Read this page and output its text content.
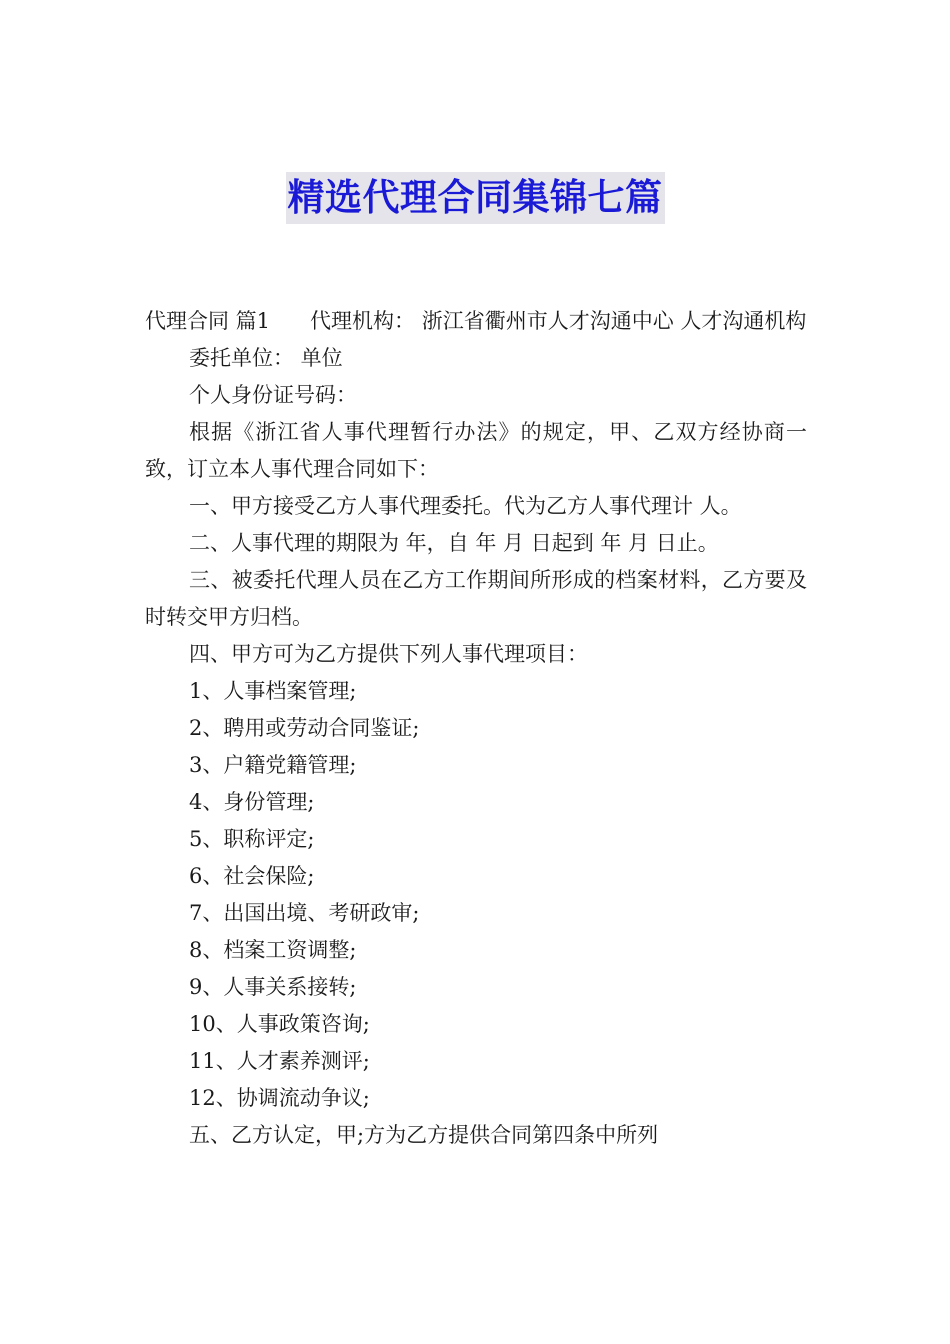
精选代理合同集锦七篇

代理合同 篇1 代理机构： 浙江省衢州市人才沟通中心 人才沟通机构

委托单位： 单位

个人身份证号码：

根据《浙江省人事代理暂行办法》的规定，甲、乙双方经协商一致，订立本人事代理合同如下：

一、甲方接受乙方人事代理委托。代为乙方人事代理计 人。

二、人事代理的期限为 年，自 年 月 日起到 年 月 日止。

三、被委托代理人员在乙方工作期间所形成的档案材料，乙方要及时转交甲方归档。

四、甲方可为乙方提供下列人事代理项目：

1、人事档案管理;

2、聘用或劳动合同鉴证;

3、户籍党籍管理;

4、身份管理;

5、职称评定;

6、社会保险;

7、出国出境、考研政审;

8、档案工资调整;

9、人事关系接转;

10、人事政策咨询;

11、人才素养测评;

12、协调流动争议;

五、乙方认定，甲;方为乙方提供合同第四条中所列
